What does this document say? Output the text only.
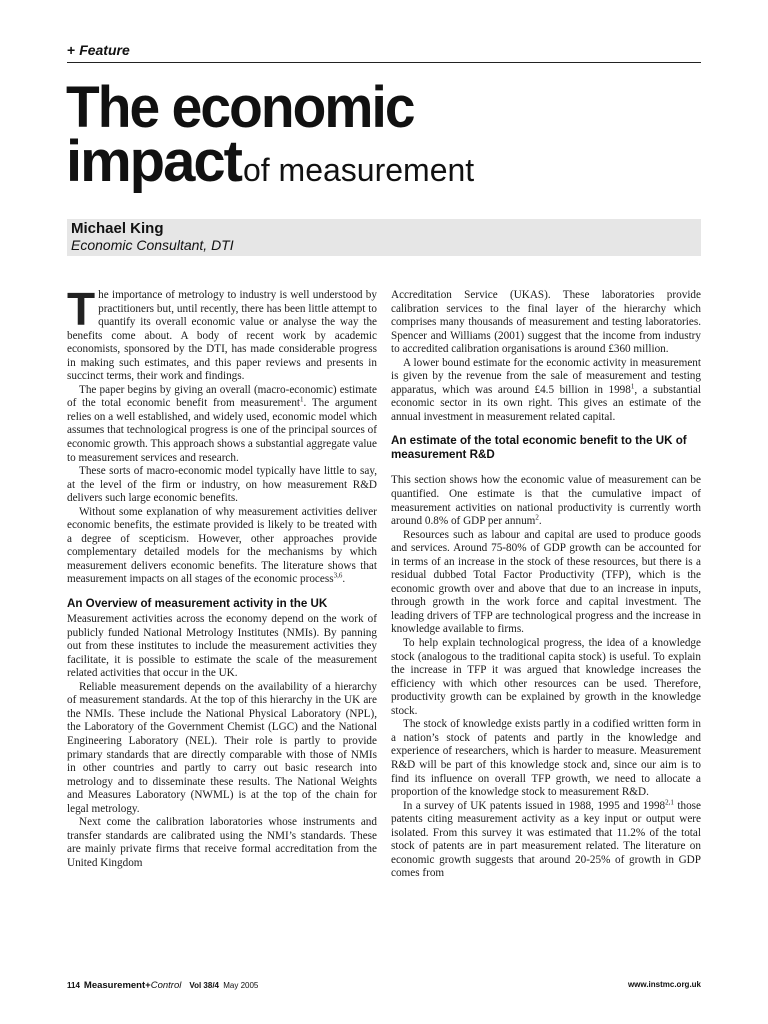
+ Feature
The economic
impactof measurement
Michael King
Economic Consultant, DTI

The importance of metrology to industry is well understood by practitioners but, until recently, there has been little attempt to quantify its overall economic value or analyse the way the benefits come about. A body of recent work by academic economists, sponsored by the DTI, has made considerable progress in making such estimates, and this paper reviews and presents in succinct terms, their work and findings.

The paper begins by giving an overall (macro-economic) estimate of the total economic benefit from measurement$^1$. The argument relies on a well established, and widely used, economic model which assumes that technological progress is one of the principal sources of economic growth. This approach shows a substantial aggregate value to measurement services and research.

These sorts of macro-economic model typically have little to say, at the level of the firm or industry, on how measurement R&D delivers such large economic benefits.

Without some explanation of why measurement activities deliver economic benefits, the estimate provided is likely to be treated with a degree of scepticism. However, other approaches provide complementary detailed models for the mechanisms by which measurement delivers economic benefits. The literature shows that measurement impacts on all stages of the economic process$^{3,6}$.

An Overview of measurement activity in the UK

Measurement activities across the economy depend on the work of publicly funded National Metrology Institutes (NMIs). By panning out from these institutes to include the measurement activities they facilitate, it is possible to estimate the scale of the measurement related activities that occur in the UK.

Reliable measurement depends on the availability of a hierarchy of measurement standards. At the top of this hierarchy in the UK are the NMIs. These include the National Physical Laboratory (NPL), the Laboratory of the Government Chemist (LGC) and the National Engineering Laboratory (NEL). Their role is partly to provide primary standards that are directly comparable with those of NMIs in other countries and partly to carry out basic research into metrology and to disseminate these results. The National Weights and Measures Laboratory (NWML) is at the top of the chain for legal metrology.

Next come the calibration laboratories whose instruments and transfer standards are calibrated using the NMI’s standards. These are mainly private firms that receive formal accreditation from the United Kingdom

Accreditation Service (UKAS). These laboratories provide calibration services to the final layer of the hierarchy which comprises many thousands of measurement and testing laboratories. Spencer and Williams (2001) suggest that the income from industry to accredited calibration organisations is around £360 million.

A lower bound estimate for the economic activity in measurement is given by the revenue from the sale of measurement and testing apparatus, which was around £4.5 billion in 1998$^1$, a substantial economic sector in its own right. This gives an estimate of the annual investment in measurement related capital.

An estimate of the total economic benefit to the UK of measurement R&D

This section shows how the economic value of measurement can be quantified. One estimate is that the cumulative impact of measurement activities on national productivity is currently worth around 0.8% of GDP per annum$^2$.

Resources such as labour and capital are used to produce goods and services. Around 75-80% of GDP growth can be accounted for in terms of an increase in the stock of these resources, but there is a residual dubbed Total Factor Productivity (TFP), which is the economic growth over and above that due to an increase in inputs, through growth in the work force and capital investment. The leading drivers of TFP are technological progress and the increase in knowledge available to firms.

To help explain technological progress, the idea of a knowledge stock (analogous to the traditional capita stock) is useful. To explain the increase in TFP it was argued that knowledge increases the efficiency with which other resources can be used. Therefore, productivity growth can be explained by growth in the knowledge stock.

The stock of knowledge exists partly in a codified written form in a nation’s stock of patents and partly in the knowledge and experience of researchers, which is harder to measure. Measurement R&D will be part of this knowledge stock and, since our aim is to find its influence on overall TFP growth, we need to allocate a proportion of the knowledge stock to measurement R&D.

In a survey of UK patents issued in 1988, 1995 and 1998$^{2,1}$ those patents citing measurement activity as a key input or output were isolated. From this survey it was estimated that 11.2% of the total stock of patents are in part measurement related. The literature on economic growth suggests that around 20-25% of growth in GDP comes from

114 Measurement+Control Vol 38/4 May 2005	www.instmc.org.uk
